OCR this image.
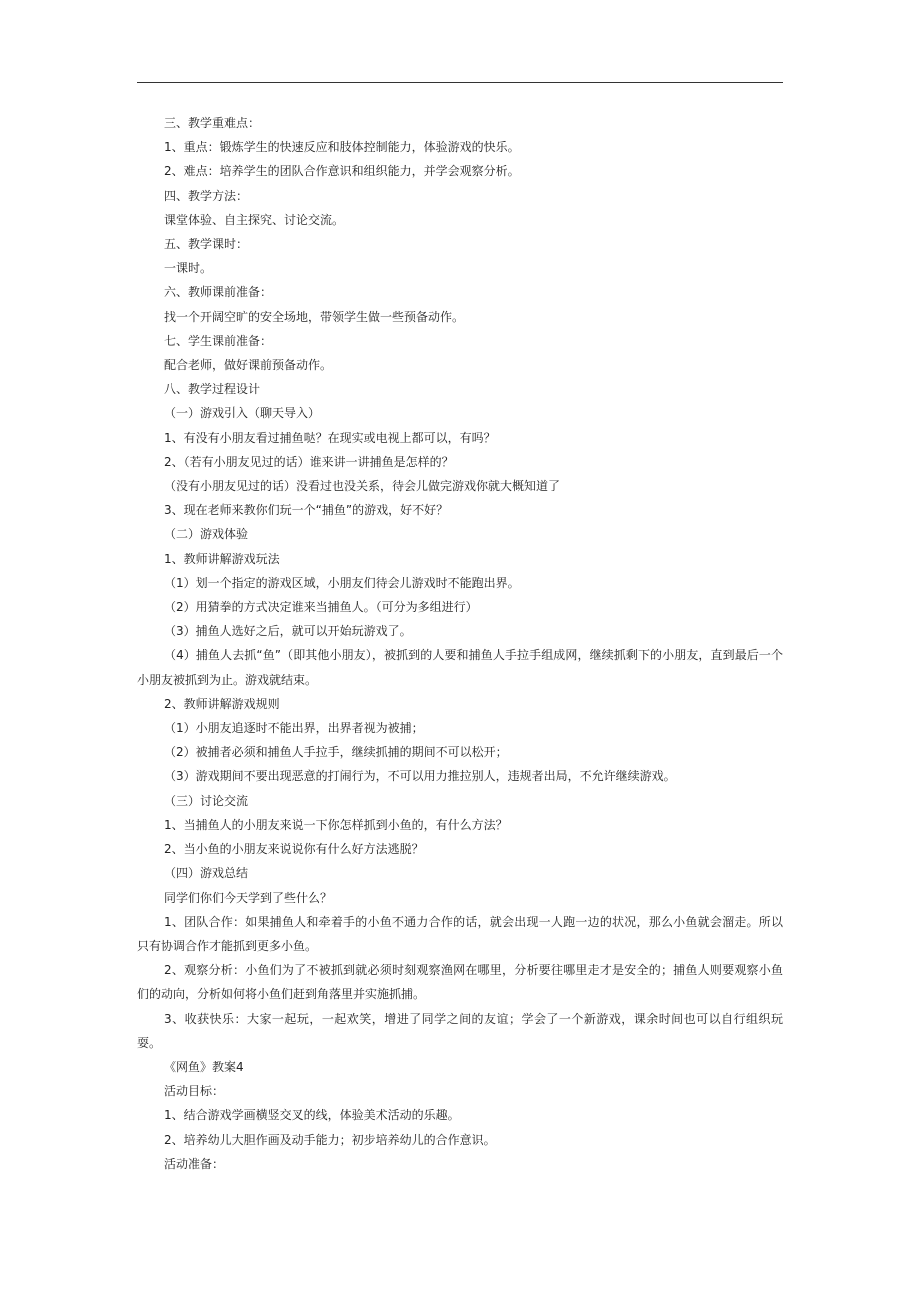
三、教学重难点：

1、重点：锻炼学生的快速反应和肢体控制能力，体验游戏的快乐。

2、难点：培养学生的团队合作意识和组织能力，并学会观察分析。

四、教学方法：

课堂体验、自主探究、讨论交流。

五、教学课时：

一课时。

六、教师课前准备：

找一个开阔空旷的安全场地，带领学生做一些预备动作。

七、学生课前准备：

配合老师，做好课前预备动作。

八、教学过程设计

（一）游戏引入（聊天导入）

1、有没有小朋友看过捕鱼哒？在现实或电视上都可以，有吗？

2、（若有小朋友见过的话）谁来讲一讲捕鱼是怎样的？

（没有小朋友见过的话）没看过也没关系，待会儿做完游戏你就大概知道了

3、现在老师来教你们玩一个“捕鱼”的游戏，好不好？

（二）游戏体验

1、教师讲解游戏玩法

（1）划一个指定的游戏区域，小朋友们待会儿游戏时不能跑出界。

（2）用猜拳的方式决定谁来当捕鱼人。（可分为多组进行）

（3）捕鱼人选好之后，就可以开始玩游戏了。

（4）捕鱼人去抓“鱼”（即其他小朋友），被抓到的人要和捕鱼人手拉手组成网，继续抓剩下的小朋友，直到最后一个小朋友被抓到为止。游戏就结束。

2、教师讲解游戏规则

（1）小朋友追逐时不能出界，出界者视为被捕；

（2）被捕者必须和捕鱼人手拉手，继续抓捕的期间不可以松开；

（3）游戏期间不要出现恶意的打闹行为，不可以用力推拉别人，违规者出局，不允许继续游戏。

（三）讨论交流

1、当捕鱼人的小朋友来说一下你怎样抓到小鱼的，有什么方法？

2、当小鱼的小朋友来说说你有什么好方法逃脱？

（四）游戏总结

同学们你们今天学到了些什么？

1、团队合作：如果捕鱼人和牵着手的小鱼不通力合作的话，就会出现一人跑一边的状况，那么小鱼就会溜走。所以只有协调合作才能抓到更多小鱼。

2、观察分析：小鱼们为了不被抓到就必须时刻观察渔网在哪里，分析要往哪里走才是安全的；捕鱼人则要观察小鱼们的动向，分析如何将小鱼们赶到角落里并实施抓捕。

3、收获快乐：大家一起玩，一起欢笑，增进了同学之间的友谊；学会了一个新游戏，课余时间也可以自行组织玩耍。

《网鱼》教案4

活动目标：

1、结合游戏学画横竖交叉的线，体验美术活动的乐趣。

2、培养幼儿大胆作画及动手能力；初步培养幼儿的合作意识。

活动准备：
